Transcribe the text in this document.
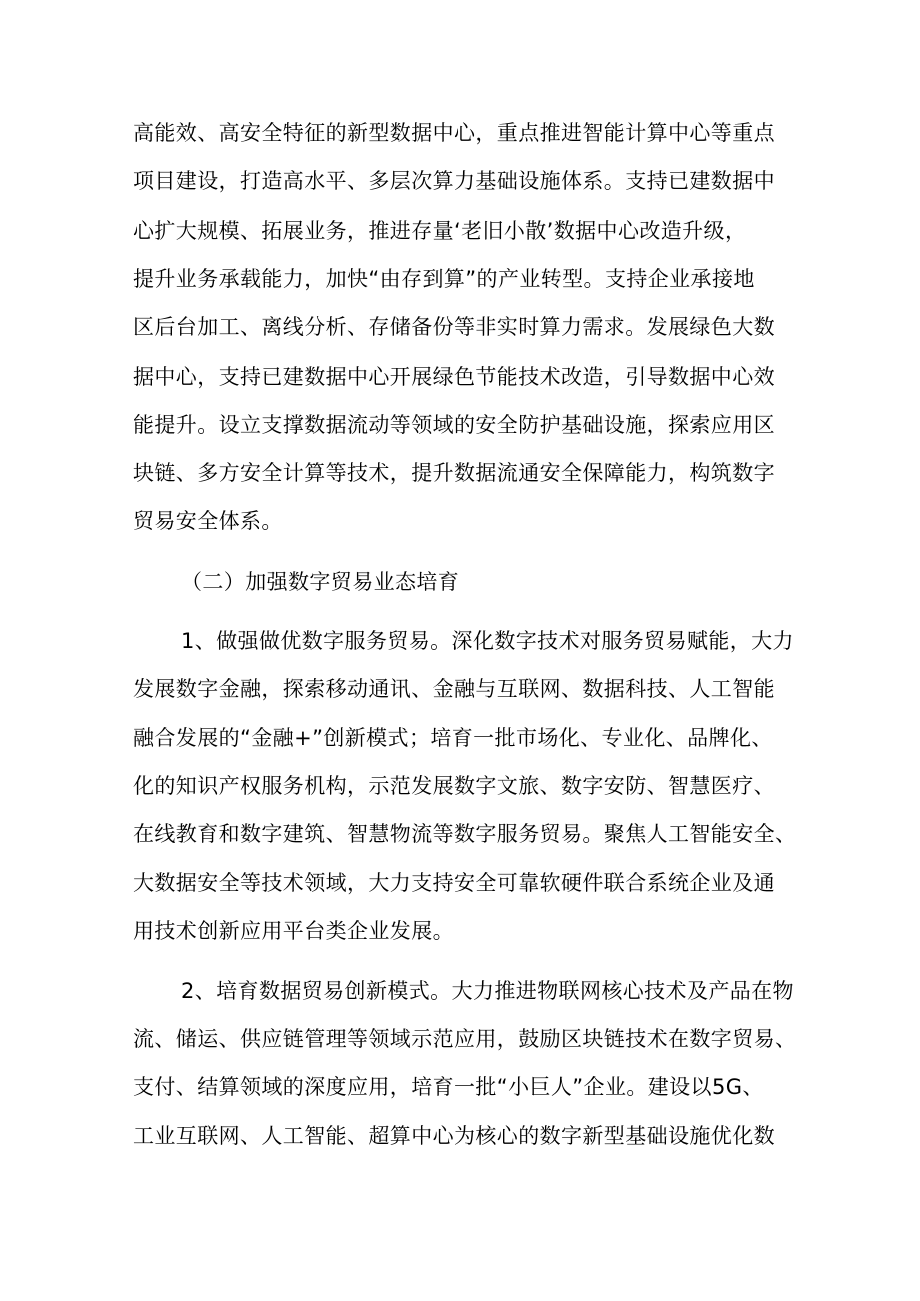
高能效、高安全特征的新型数据中心，重点推进智能计算中心等重点
项目建设，打造高水平、多层次算力基础设施体系。支持已建数据中
心扩大规模、拓展业务，推进存量‘老旧小散’数据中心改造升级，
提升业务承载能力，加快“由存到算”的产业转型。支持企业承接地
区后台加工、离线分析、存储备份等非实时算力需求。发展绿色大数
据中心，支持已建数据中心开展绿色节能技术改造，引导数据中心效
能提升。设立支撑数据流动等领域的安全防护基础设施，探索应用区
块链、多方安全计算等技术，提升数据流通安全保障能力，构筑数字
贸易安全体系。
（二）加强数字贸易业态培育
1、做强做优数字服务贸易。深化数字技术对服务贸易赋能，大力
发展数字金融，探索移动通讯、金融与互联网、数据科技、人工智能
融合发展的“金融+”创新模式；培育一批市场化、专业化、品牌化、
化的知识产权服务机构，示范发展数字文旅、数字安防、智慧医疗、
在线教育和数字建筑、智慧物流等数字服务贸易。聚焦人工智能安全、
大数据安全等技术领域，大力支持安全可靠软硬件联合系统企业及通
用技术创新应用平台类企业发展。
2、培育数据贸易创新模式。大力推进物联网核心技术及产品在物
流、储运、供应链管理等领域示范应用，鼓励区块链技术在数字贸易、
支付、结算领域的深度应用，培育一批“小巨人”企业。建设以5G、
工业互联网、人工智能、超算中心为核心的数字新型基础设施优化数
